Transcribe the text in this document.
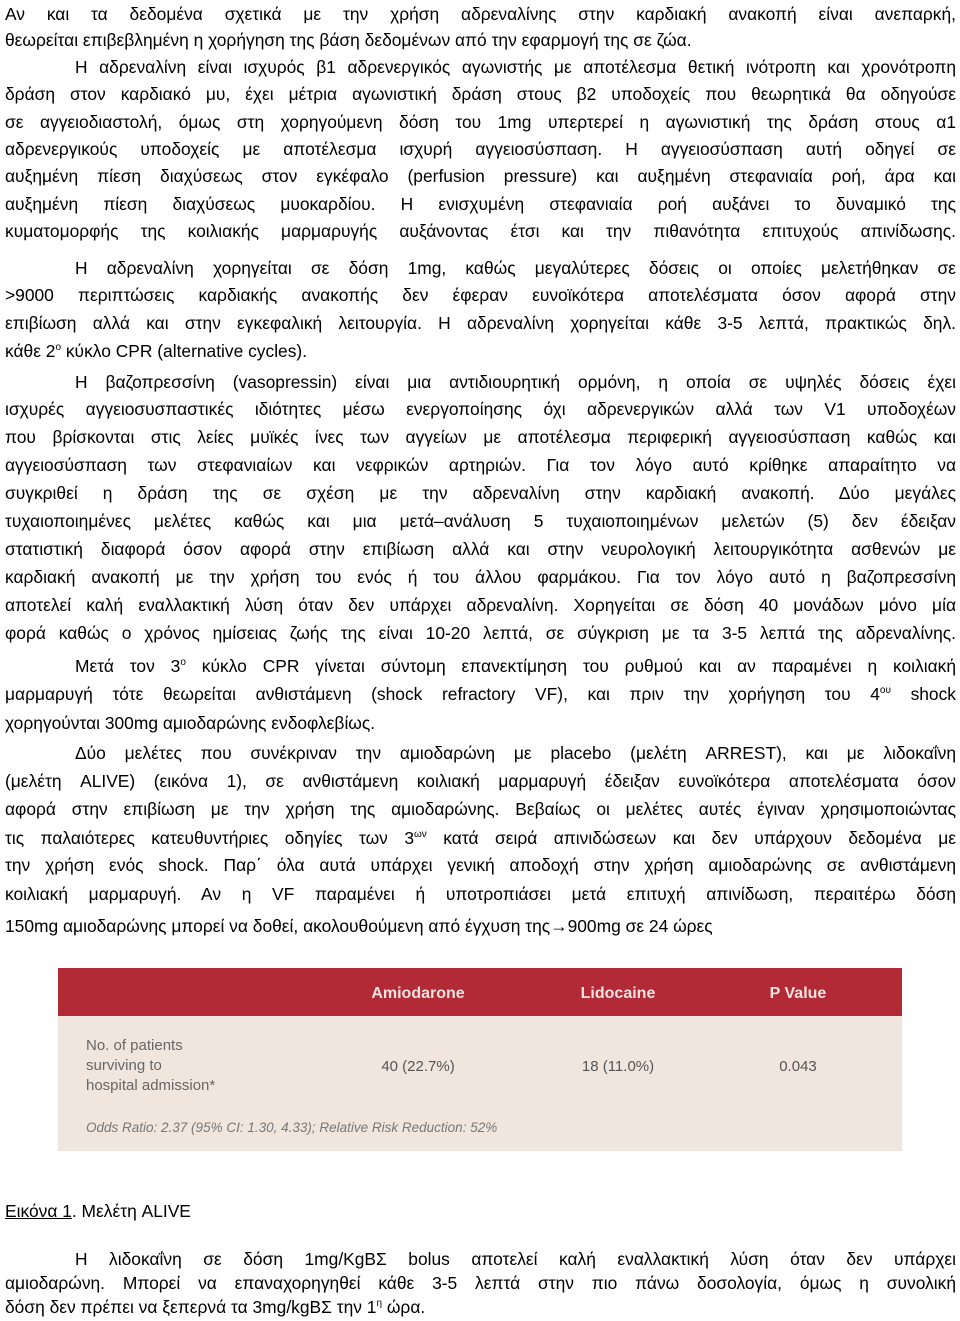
Αν και τα δεδομένα σχετικά με την χρήση αδρεναλίνης στην καρδιακή ανακοπή είναι ανεπαρκή,
θεωρείται επιβεβλημένη η χορήγηση της βάση δεδομένων από την εφαρμογή της σε ζώα.
Η αδρεναλίνη είναι ισχυρός β1 αδρενεργικός αγωνιστής με αποτέλεσμα θετική ινότροπη και χρονότροπη
δράση στον καρδιακό μυ, έχει μέτρια αγωνιστική δράση στους β2 υποδοχείς που θεωρητικά θα οδηγούσε
σε αγγειοδιαστολή, όμως στη χορηγούμενη δόση του 1mg υπερτερεί η αγωνιστική της δράση στους α1
αδρενεργικούς υποδοχείς με αποτέλεσμα ισχυρή αγγειοσύσπαση. Η αγγειοσύσπαση αυτή οδηγεί σε
αυξημένη πίεση διαχύσεως στον εγκέφαλο (perfusion pressure) και αυξημένη στεφανιαία ροή, άρα και
αυξημένη πίεση διαχύσεως μυοκαρδίου. Η ενισχυμένη στεφανιαία ροή αυξάνει το δυναμικό της
κυματομορφής της κοιλιακής μαρμαρυγής αυξάνοντας έτσι και την πιθανότητα επιτυχούς απινίδωσης.
Η αδρεναλίνη χορηγείται σε δόση 1mg, καθώς μεγαλύτερες δόσεις οι οποίες μελετήθηκαν σε
>9000 περιπτώσεις καρδιακής ανακοπής δεν έφεραν ευνοϊκότερα αποτελέσματα όσον αφορά στην
επιβίωση αλλά και στην εγκεφαλική λειτουργία. Η αδρεναλίνη χορηγείται κάθε 3-5 λεπτά, πρακτικώς δηλ.
κάθε $2^o$ κύκλο CPR (alternative cycles).
Η βαζοπρεσσίνη (vasopressin) είναι μια αντιδιουρητική ορμόνη, η οποία σε υψηλές δόσεις έχει
ισχυρές αγγειοσυσπαστικές ιδιότητες μέσω ενεργοποίησης όχι αδρενεργικών αλλά των V1 υποδοχέων
που βρίσκονται στις λείες μυϊκές ίνες των αγγείων με αποτέλεσμα περιφερική αγγειοσύσπαση καθώς και
αγγειοσύσπαση των στεφανιαίων και νεφρικών αρτηριών. Για τον λόγο αυτό κρίθηκε απαραίτητο να
συγκριθεί η δράση της σε σχέση με την αδρεναλίνη στην καρδιακή ανακοπή. Δύο μεγάλες
τυχαιοποιημένες μελέτες καθώς και μια μετά–ανάλυση 5 τυχαιοποιημένων μελετών (5) δεν έδειξαν
στατιστική διαφορά όσον αφορά στην επιβίωση αλλά και στην νευρολογική λειτουργικότητα ασθενών με
καρδιακή ανακοπή με την χρήση του ενός ή του άλλου φαρμάκου. Για τον λόγο αυτό η βαζοπρεσσίνη
αποτελεί καλή εναλλακτική λύση όταν δεν υπάρχει αδρεναλίνη. Χορηγείται σε δόση 40 μονάδων μόνο μία
φορά καθώς ο χρόνος ημίσειας ζωής της είναι 10-20 λεπτά, σε σύγκριση με τα 3-5 λεπτά της αδρεναλίνης.
Μετά τον $3^o$ κύκλο CPR γίνεται σύντομη επανεκτίμηση του ρυθμού και αν παραμένει η κοιλιακή
μαρμαρυγή τότε θεωρείται ανθιστάμενη (shock refractory VF), και πριν την χορήγηση του $4^{o\upsilon}$ shock
χορηγούνται 300mg αμιοδαρώνης ενδοφλεβίως.
Δύο μελέτες που συνέκριναν την αμιοδαρώνη με placebo (μελέτη ARREST), και με λιδοκαΐνη
(μελέτη ALIVE) (εικόνα 1), σε ανθιστάμενη κοιλιακή μαρμαρυγή έδειξαν ευνοϊκότερα αποτελέσματα όσον
αφορά στην επιβίωση με την χρήση της αμιοδαρώνης. Βεβαίως οι μελέτες αυτές έγιναν χρησιμοποιώντας
τις παλαιότερες κατευθυντήριες οδηγίες των $3^{\omega\nu}$ κατά σειρά απινιδώσεων και δεν υπάρχουν δεδομένα με
την χρήση ενός shock. Παρ΄ όλα αυτά υπάρχει γενική αποδοχή στην χρήση αμιοδαρώνης σε ανθιστάμενη
κοιλιακή μαρμαρυγή. Αν η VF παραμένει ή υποτροπιάσει μετά επιτυχή απινίδωση, περαιτέρω δόση
150mg αμιοδαρώνης μπορεί να δοθεί, ακολουθούμενη από έγχυση της→900mg σε 24 ώρες
Amiodarone	Lidocaine	P Value
No. of patients
surviving to
hospital admission*
40 (22.7%)	18 (11.0%)	0.043
Odds Ratio: 2.37 (95% CI: 1.30, 4.33); Relative Risk Reduction: 52%
Εικόνα 1. Μελέτη ALIVE
Η λιδοκαΐνη σε δόση 1mg/KgΒΣ bolus αποτελεί καλή εναλλακτική λύση όταν δεν υπάρχει
αμιοδαρώνη. Μπορεί να επαναχορηγηθεί κάθε 3-5 λεπτά στην πιο πάνω δοσολογία, όμως η συνολική
δόση δεν πρέπει να ξεπερνά τα 3mg/kgΒΣ την $1^\eta$ ώρα.
